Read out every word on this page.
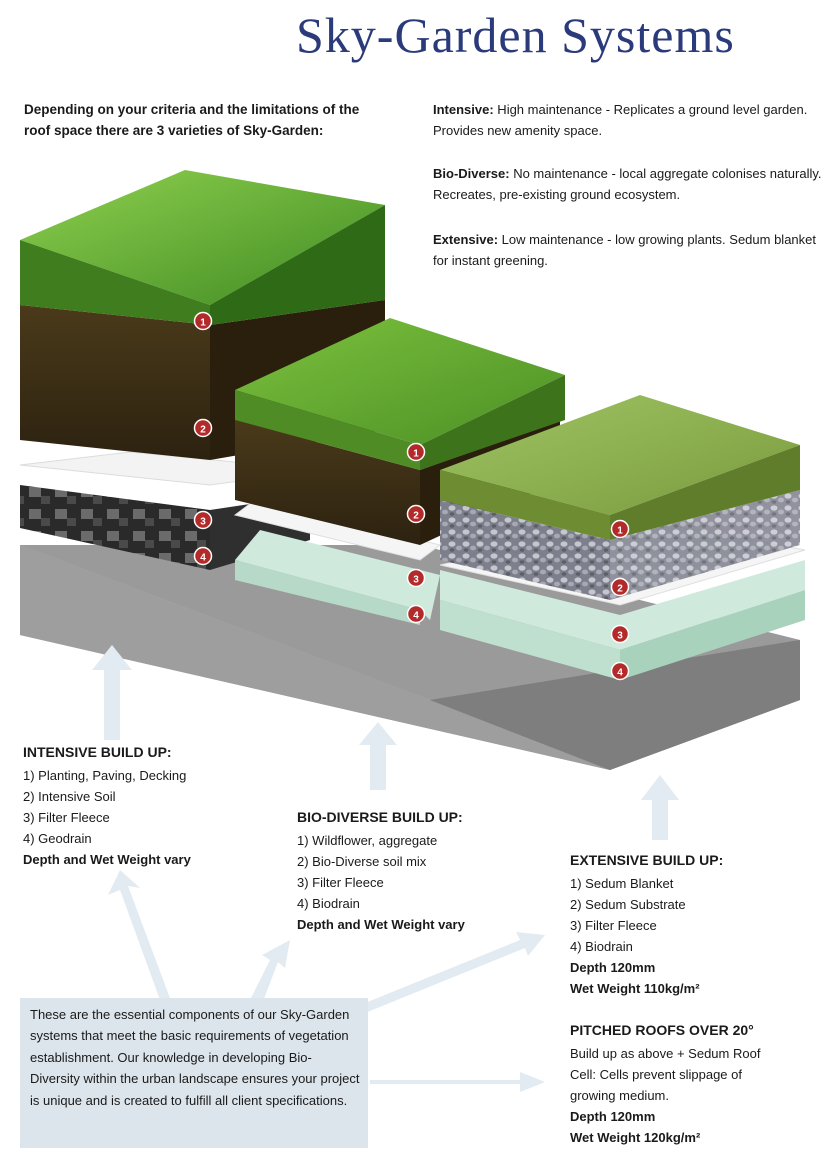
1
2
3
4
1
2
3
4
1
2
3
4
Sky-Garden Systems
Depending on your criteria and the limitations of the roof space there are 3 varieties of Sky-Garden:
Intensive: High maintenance - Replicates a ground level garden. Provides new amenity space.
Bio-Diverse: No maintenance - local aggregate colonises naturally. Recreates, pre-existing ground ecosystem.
Extensive: Low maintenance - low growing plants. Sedum blanket for instant greening.
INTENSIVE BUILD UP:
1) Planting, Paving, Decking
2) Intensive Soil
3) Filter Fleece
4) Geodrain
Depth and Wet Weight vary
BIO-DIVERSE BUILD UP:
1) Wildflower, aggregate
2) Bio-Diverse soil mix
3) Filter Fleece
4) Biodrain
Depth and Wet Weight vary
EXTENSIVE BUILD UP:
1) Sedum Blanket
2) Sedum Substrate
3) Filter Fleece
4) Biodrain
Depth 120mm
Wet Weight 110kg/m²
PITCHED ROOFS OVER 20°
Build up as above + Sedum Roof Cell: Cells prevent slippage of growing medium.
Depth 120mm
Wet Weight 120kg/m²
These are the essential components of our Sky-Garden systems that meet the basic requirements of vegetation establishment. Our knowledge in developing Bio-Diversity within the urban landscape ensures your project is unique and is created to fulfill all client specifications.
